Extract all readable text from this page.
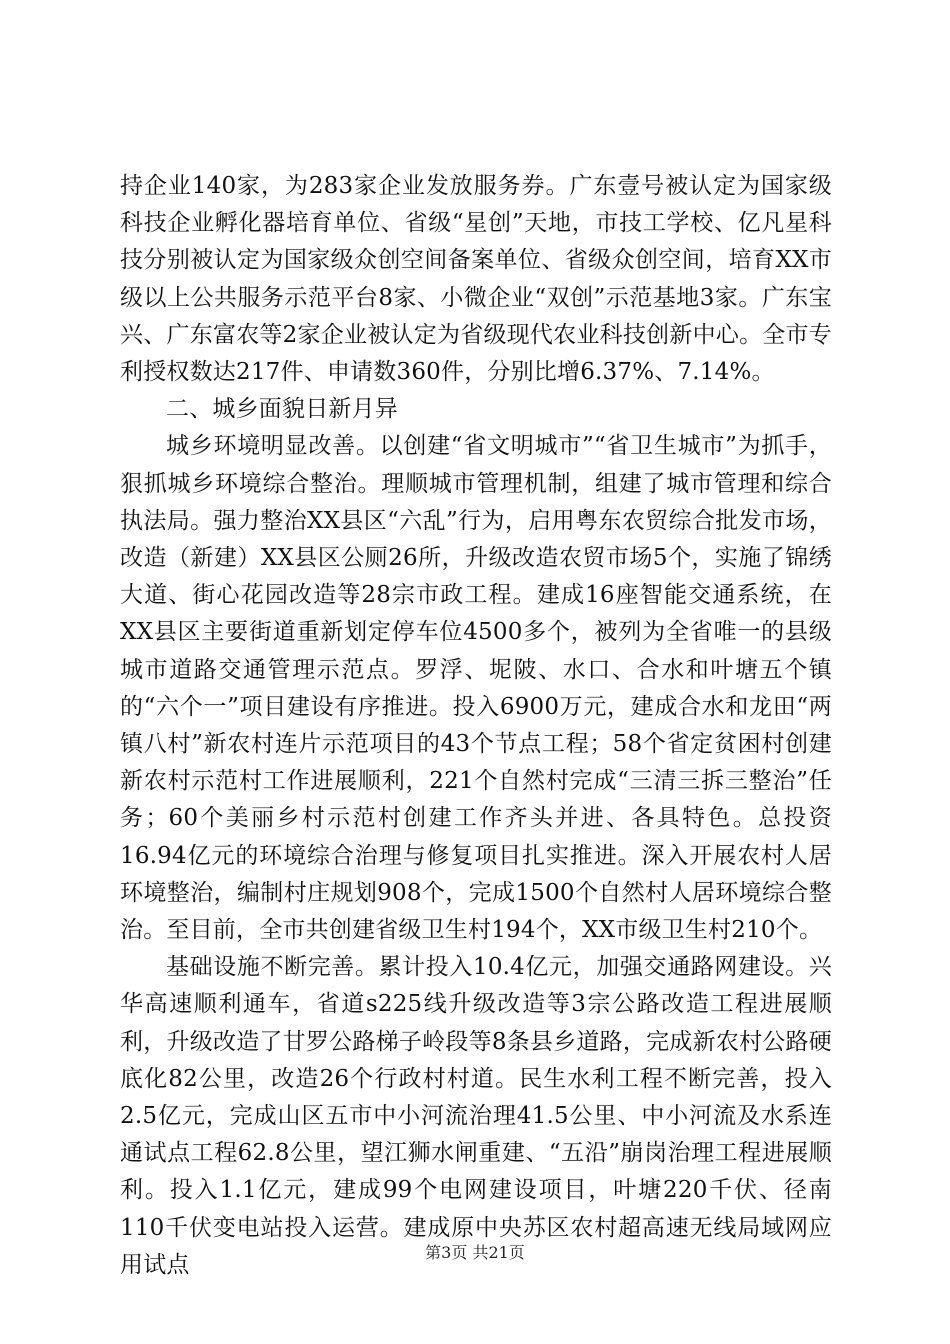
持企业140家，为283家企业发放服务券。广东壹号被认定为国家级科技企业孵化器培育单位、省级“星创”天地，市技工学校、亿凡星科技分别被认定为国家级众创空间备案单位、省级众创空间，培育XX市级以上公共服务示范平台8家、小微企业“双创”示范基地3家。广东宝兴、广东富农等2家企业被认定为省级现代农业科技创新中心。全市专利授权数达217件、申请数360件，分别比增6.37%、7.14%。

二、城乡面貌日新月异

城乡环境明显改善。以创建“省文明城市”“省卫生城市”为抓手，狠抓城乡环境综合整治。理顺城市管理机制，组建了城市管理和综合执法局。强力整治XX县区“六乱”行为，启用粤东农贸综合批发市场，改造（新建）XX县区公厕26所，升级改造农贸市场5个，实施了锦绣大道、街心花园改造等28宗市政工程。建成16座智能交通系统，在XX县区主要街道重新划定停车位4500多个，被列为全省唯一的县级城市道路交通管理示范点。罗浮、坭陂、水口、合水和叶塘五个镇的“六个一”项目建设有序推进。投入6900万元，建成合水和龙田“两镇八村”新农村连片示范项目的43个节点工程；58个省定贫困村创建新农村示范村工作进展顺利，221个自然村完成“三清三拆三整治”任务；60个美丽乡村示范村创建工作齐头并进、各具特色。总投资16.94亿元的环境综合治理与修复项目扎实推进。深入开展农村人居环境整治，编制村庄规划908个，完成1500个自然村人居环境综合整治。至目前，全市共创建省级卫生村194个，XX市级卫生村210个。

基础设施不断完善。累计投入10.4亿元，加强交通路网建设。兴华高速顺利通车，省道s225线升级改造等3宗公路改造工程进展顺利，升级改造了甘罗公路梯子岭段等8条县乡道路，完成新农村公路硬底化82公里，改造26个行政村村道。民生水利工程不断完善，投入2.5亿元，完成山区五市中小河流治理41.5公里、中小河流及水系连通试点工程62.8公里，望江狮水闸重建、“五沿”崩岗治理工程进展顺利。投入1.1亿元，建成99个电网建设项目，叶塘220千伏、径南110千伏变电站投入运营。建成原中央苏区农村超高速无线局域网应用试点	第3页 共21页
